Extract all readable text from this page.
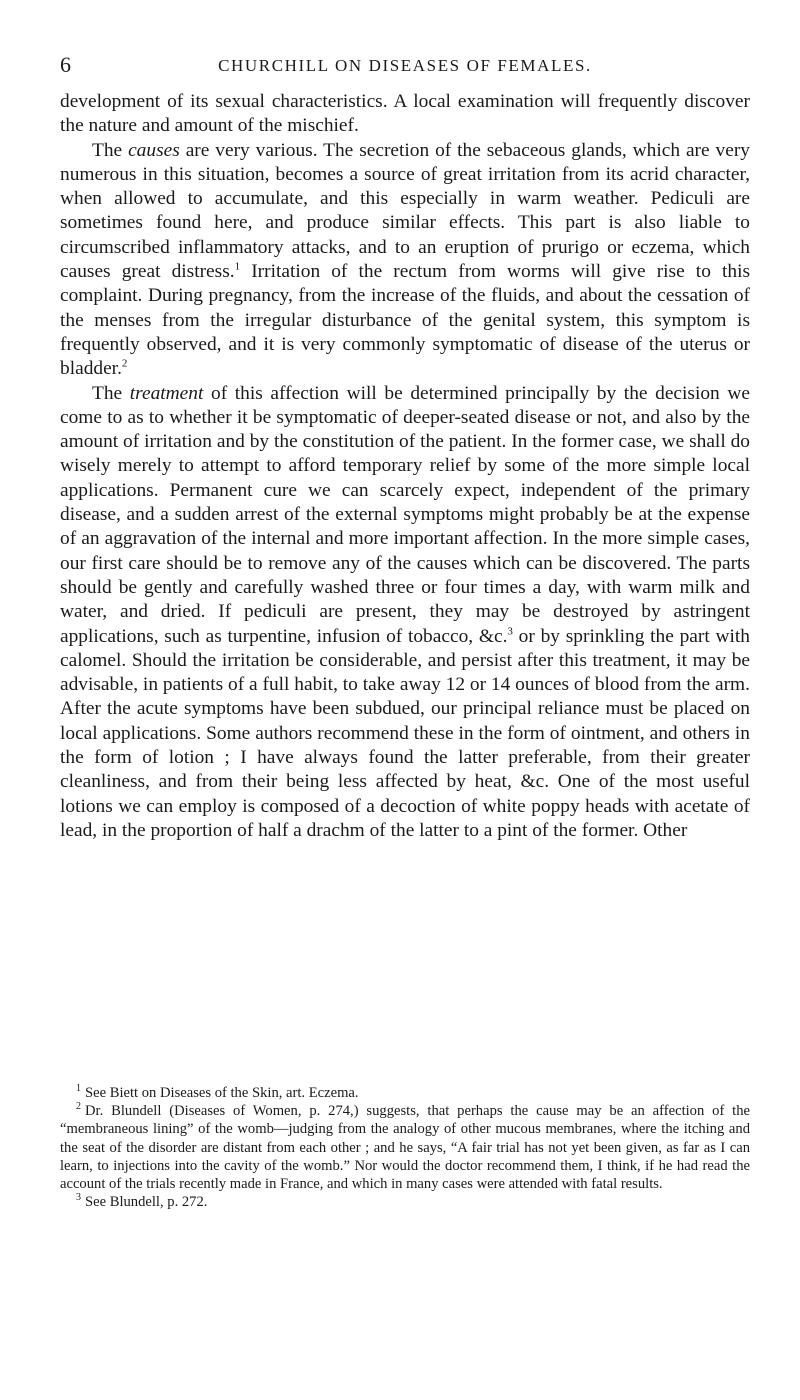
6	CHURCHILL ON DISEASES OF FEMALES.

development of its sexual characteristics. A local examination will frequently discover the nature and amount of the mischief.

The causes are very various. The secretion of the sebaceous glands, which are very numerous in this situation, becomes a source of great irritation from its acrid character, when allowed to accumulate, and this especially in warm weather. Pediculi are sometimes found here, and produce similar effects. This part is also liable to circumscribed inflammatory attacks, and to an eruption of prurigo or eczema, which causes great distress.$^1$ Irritation of the rectum from worms will give rise to this complaint. During pregnancy, from the increase of the fluids, and about the cessation of the menses from the irregular disturbance of the genital system, this symptom is frequently observed, and it is very commonly symptomatic of disease of the uterus or bladder.$^2$

The treatment of this affection will be determined principally by the decision we come to as to whether it be symptomatic of deeper-seated disease or not, and also by the amount of irritation and by the constitution of the patient. In the former case, we shall do wisely merely to attempt to afford temporary relief by some of the more simple local applications. Permanent cure we can scarcely expect, independent of the primary disease, and a sudden arrest of the external symptoms might probably be at the expense of an aggravation of the internal and more important affection. In the more simple cases, our first care should be to remove any of the causes which can be discovered. The parts should be gently and carefully washed three or four times a day, with warm milk and water, and dried. If pediculi are present, they may be destroyed by astringent applications, such as turpentine, infusion of tobacco, &c.$^3$ or by sprinkling the part with calomel. Should the irritation be considerable, and persist after this treatment, it may be advisable, in patients of a full habit, to take away 12 or 14 ounces of blood from the arm. After the acute symptoms have been subdued, our principal reliance must be placed on local applications. Some authors recommend these in the form of ointment, and others in the form of lotion ; I have always found the latter preferable, from their greater cleanliness, and from their being less affected by heat, &c. One of the most useful lotions we can employ is composed of a decoction of white poppy heads with acetate of lead, in the proportion of half a drachm of the latter to a pint of the former. Other

$^1$ See Biett on Diseases of the Skin, art. Eczema.

$^2$ Dr. Blundell (Diseases of Women, p. 274,) suggests, that perhaps the cause may be an affection of the “membraneous lining” of the womb—judging from the analogy of other mucous membranes, where the itching and the seat of the disorder are distant from each other ; and he says, “A fair trial has not yet been given, as far as I can learn, to injections into the cavity of the womb.” Nor would the doctor recommend them, I think, if he had read the account of the trials recently made in France, and which in many cases were attended with fatal results.

$^3$ See Blundell, p. 272.
